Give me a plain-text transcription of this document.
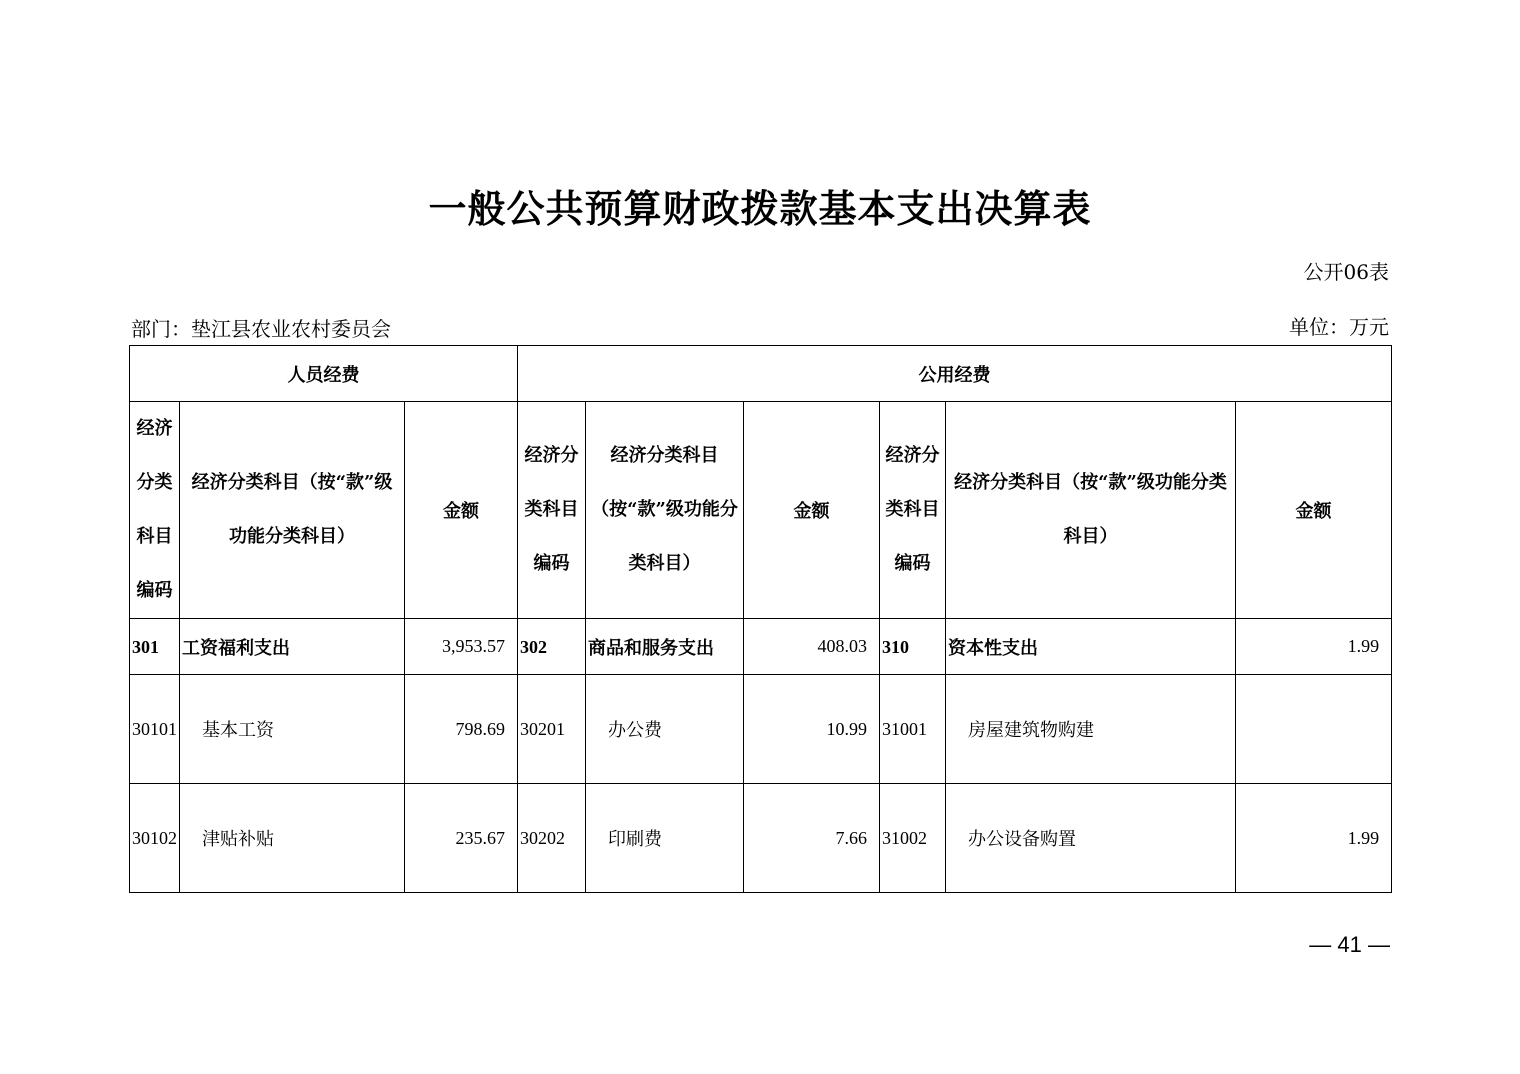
一般公共预算财政拨款基本支出决算表
公开06表
部门：垫江县农业农村委员会	单位：万元
人员经费			公用经费					
经济分类科目编码	经济分类科目（按“款”级功能分类科目）	金额	经济分类科目编码	经济分类科目（按“款”级功能分类科目）	金额	经济分类科目编码	经济分类科目（按“款”级功能分类科目）	金额
301	工资福利支出	3,953.57	302	商品和服务支出	408.03	310	资本性支出	1.99
30101	基本工资	798.69	30201	办公费	10.99	31001	房屋建筑物购建	
30102	津贴补贴	235.67	30202	印刷费	7.66	31002	办公设备购置	1.99
— 41 —
